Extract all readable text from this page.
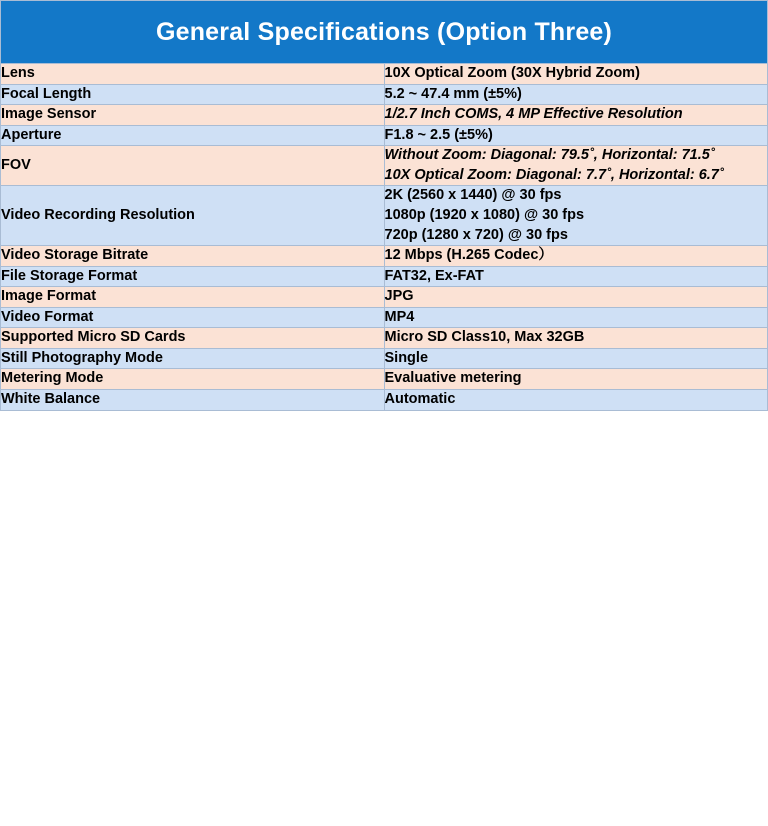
General Specifications (Option Three)	
Lens	10X Optical Zoom (30X Hybrid Zoom)

Focal Length	5.2 ~ 47.4 mm (±5%)

Image Sensor	1/2.7 Inch COMS, 4 MP Effective Resolution

Aperture	F1.8 ~ 2.5 (±5%)

FOV	Without Zoom: Diagonal: 79.5˚, Horizontal: 71.5˚
10X Optical Zoom: Diagonal: 7.7˚, Horizontal: 6.7˚

Video Recording Resolution	2K (2560 x 1440) @ 30 fps
1080p (1920 x 1080) @ 30 fps
720p (1280 x 720) @ 30 fps

Video Storage Bitrate	12 Mbps (H.265 Codec）

File Storage Format	FAT32, Ex-FAT

Image Format	JPG

Video Format	MP4

Supported Micro SD Cards	Micro SD Class10, Max 32GB

Still Photography Mode	Single

Metering Mode	Evaluative metering

White Balance	Automatic
